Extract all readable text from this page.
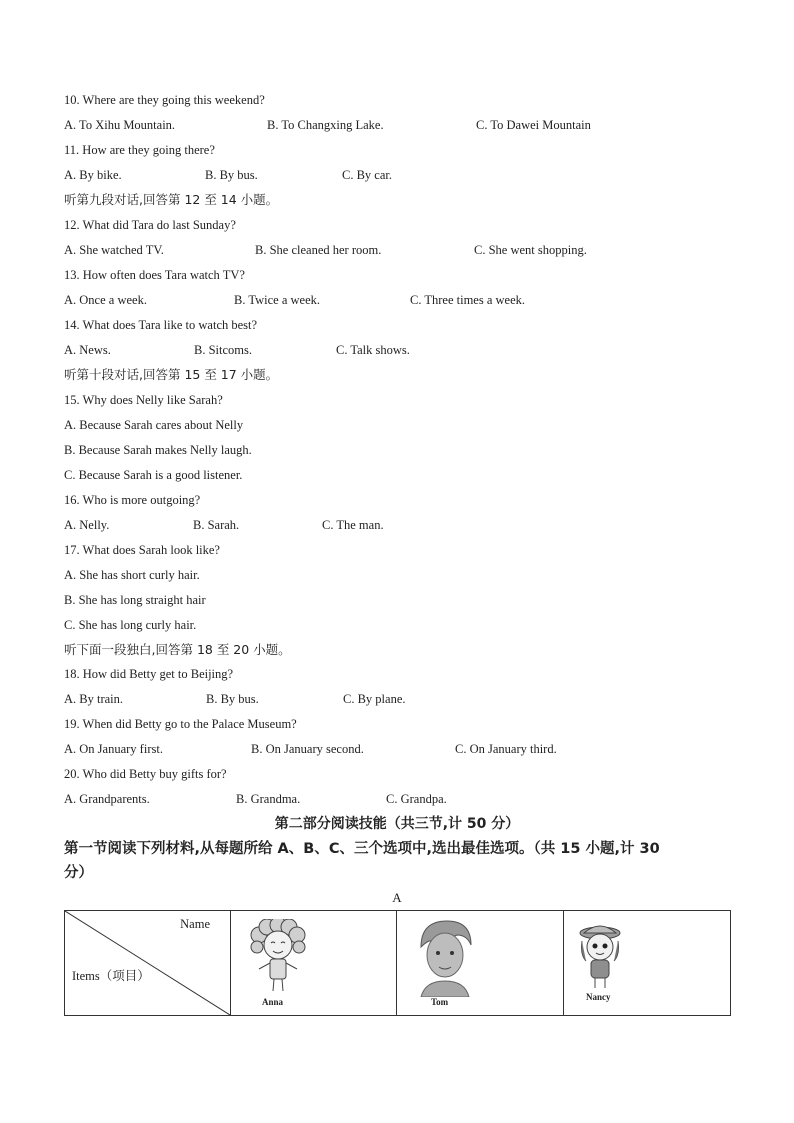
10. Where are they going this weekend?
A. To Xihu Mountain.	B. To Changxing Lake.	C. To Dawei Mountain
11. How are they going there?
A. By bike.	B. By bus.	C. By car.
听第九段对话,回答第 12 至 14 小题。
12. What did Tara do last Sunday?
A. She watched TV.	B. She cleaned her room.	C. She went shopping.
13. How often does Tara watch TV?
A. Once a week.	B. Twice a week.	C. Three times a week.
14. What does Tara like to watch best?
A. News.	B. Sitcoms.	C. Talk shows.
听第十段对话,回答第 15 至 17 小题。
15. Why does Nelly like Sarah?
A. Because Sarah cares about Nelly
B. Because Sarah makes Nelly laugh.
C. Because Sarah is a good listener.
16. Who is more outgoing?
A. Nelly.	B. Sarah.	C. The man.
17. What does Sarah look like?
A. She has short curly hair.
B. She has long straight hair
C. She has long curly hair.
听下面一段独白,回答第 18 至 20 小题。
18. How did Betty get to Beijing?
A. By train.	B. By bus.	C. By plane.
19. When did Betty go to the Palace Museum?
A. On January first.	B. On January second.	C. On January third.
20. Who did Betty buy gifts for?
A. Grandparents.	B. Grandma.	C. Grandpa.
第二部分阅读技能（共三节,计 50 分）
第一节阅读下列材料,从每题所给 A、B、C、三个选项中,选出最佳选项。（共 15 小题,计 30
分）
A
Name
Items（项目）

Anna	Tom	Nancy
